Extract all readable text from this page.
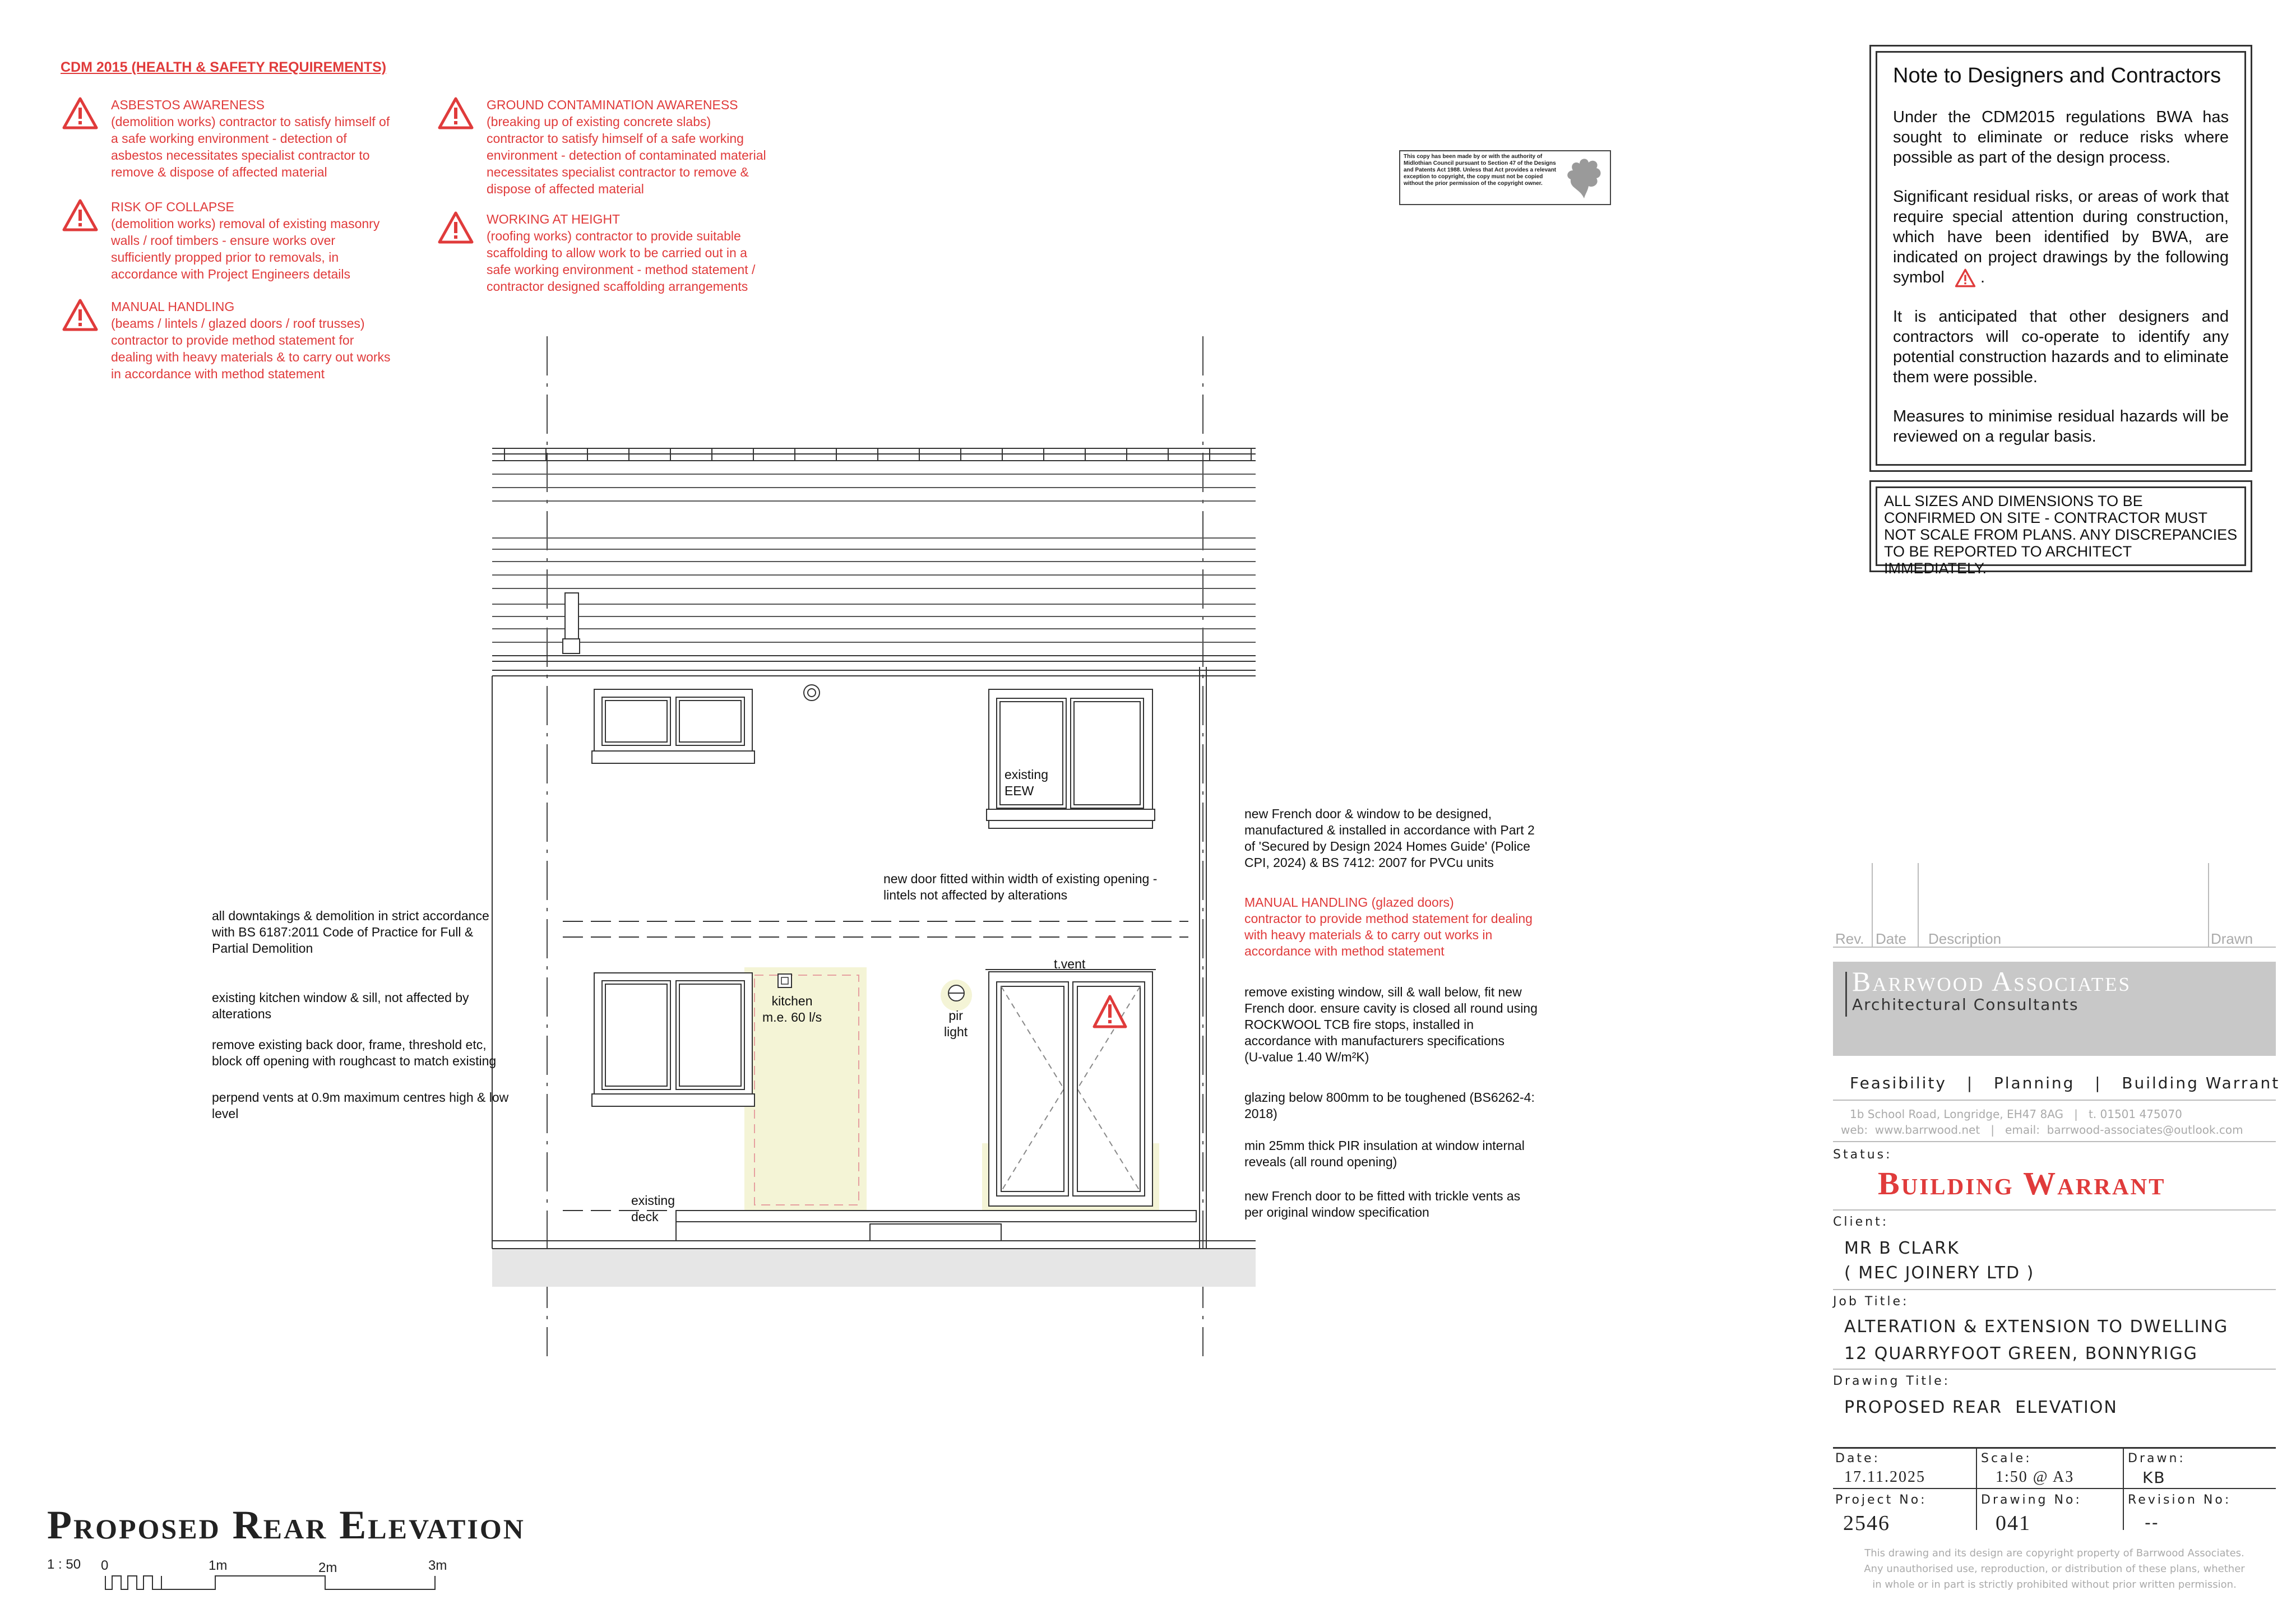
CDM 2015 (HEALTH & SAFETY REQUIREMENTS)
ASBESTOS AWARENESS
(demolition works) contractor to satisfy himself of
a safe working environment - detection of
asbestos necessitates specialist contractor to
remove & dispose of affected material
RISK OF COLLAPSE
(demolition works) removal of existing masonry
walls / roof timbers - ensure works over
sufficiently propped prior to removals, in
accordance with Project Engineers details
MANUAL HANDLING
(beams / lintels / glazed doors / roof trusses)
contractor to provide method statement for
dealing with heavy materials & to carry out works
in accordance with method statement
GROUND CONTAMINATION AWARENESS
(breaking up of existing concrete slabs)
contractor to satisfy himself of a safe working
environment - detection of contaminated material
necessitates specialist contractor to remove &
dispose of affected material
WORKING AT HEIGHT
(roofing works) contractor to provide suitable
scaffolding to allow work to be carried out in a
safe working environment - method statement /
contractor designed scaffolding arrangements
This copy has been made by or with the authority of Midlothian Council pursuant to Section 47 of the Designs and Patents Act 1988. Unless that Act provides a relevant exception to copyright, the copy must not be copied without the prior permission of the copyright owner.
Note to Designers and Contractors

Under the CDM2015 regulations BWA has sought to eliminate or reduce risks where possible as part of the design process.

Significant residual risks, or areas of work that require special attention during construction, which have been identified by BWA, are indicated on project drawings by the following symbol  .

It is anticipated that other designers and contractors will co-operate to identify any potential construction hazards and to eliminate them were possible.

Measures to minimise residual hazards will be reviewed on a regular basis.

ALL SIZES AND DIMENSIONS TO BE CONFIRMED ON SITE - CONTRACTOR MUST NOT SCALE FROM PLANS. ANY DISCREPANCIES TO BE REPORTED TO ARCHITECT IMMEDIATELY.
existing
EEW
new door fitted within width of existing opening -
lintels not affected by alterations
all downtakings & demolition in strict accordance
with BS 6187:2011 Code of Practice for Full &
Partial Demolition
existing kitchen window & sill, not affected by
alterations
remove existing back door, frame, threshold etc,
block off opening with roughcast to match existing
perpend vents at 0.9m maximum centres high & low
level
kitchen
m.e. 60 l/s	pir
light
t.vent
existing
deck
new French door & window to be designed,
manufactured & installed in accordance with Part 2
of 'Secured by Design 2024 Homes Guide' (Police
CPI, 2024) & BS 7412: 2007 for PVCu units
MANUAL HANDLING (glazed doors)
contractor to provide method statement for dealing
with heavy materials & to carry out works in
accordance with method statement
remove existing window, sill & wall below, fit new
French door. ensure cavity is closed all round using
ROCKWOOL TCB fire stops, installed in
accordance with manufacturers specifications
(U-value 1.40 W/m²K)
glazing below 800mm to be toughened (BS6262-4:
2018)
min 25mm thick PIR insulation at window internal
reveals (all round opening)
new French door to be fitted with trickle vents as
per original window specification
Proposed Rear Elevation
1 : 50 0	1m	2m	3m
Rev. Date Description	Drawn
Barrwood Associates
Architectural Consultants
Feasibility   |   Planning   |   Building Warrant
1b School Road, Longridge, EH47 8AG   |   t. 01501 475070
web:  www.barrwood.net   |   email:  barrwood-associates@outlook.com
Status:
Building Warrant
Client:
MR B CLARK
( MEC JOINERY LTD )
Job Title:
ALTERATION & EXTENSION TO DWELLING
12 QUARRYFOOT GREEN, BONNYRIGG
Drawing Title:
PROPOSED REAR  ELEVATION
Date:
17.11.2025
Scale:
1:50 @ A3
Drawn:
KB
Project No:
2546
Drawing No:
041
Revision No:
--
This drawing and its design are copyright property of Barrwood Associates.
Any unauthorised use, reproduction, or distribution of these plans, whether
in whole or in part is strictly prohibited without prior written permission.
